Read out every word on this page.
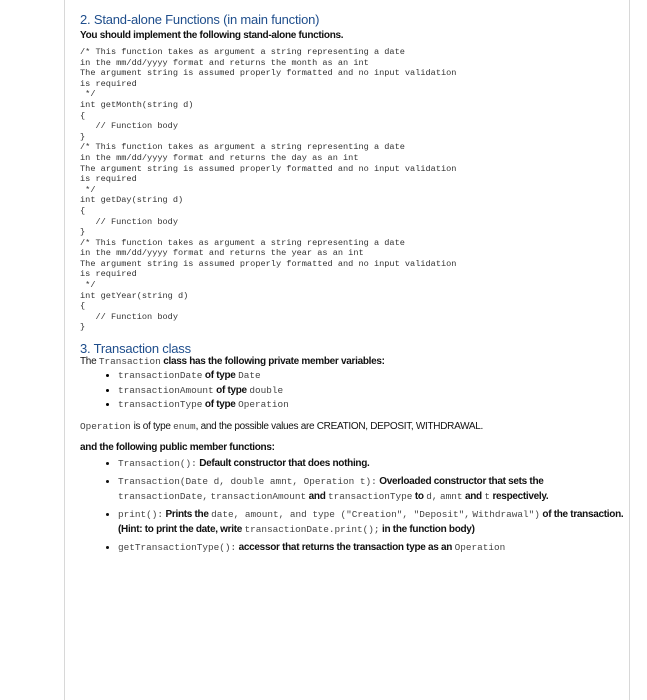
2. Stand-alone Functions (in main function)
You should implement the following stand-alone functions.
/* This function takes as argument a string representing a date
in the mm/dd/yyyy format and returns the month as an int
The argument string is assumed properly formatted and no input validation
is required
*/
int getMonth(string d)
{
// Function body
}
/* This function takes as argument a string representing a date
in the mm/dd/yyyy format and returns the day as an int
The argument string is assumed properly formatted and no input validation
is required
*/
int getDay(string d)
{
// Function body
}
/* This function takes as argument a string representing a date
in the mm/dd/yyyy format and returns the year as an int
The argument string is assumed properly formatted and no input validation
is required
*/
int getYear(string d)
{
// Function body
}
3. Transaction class
The Transaction class has the following private member variables:
• transactionDate of type Date
• transactionAmount of type double
• transactionType of type Operation
Operation is of type enum, and the possible values are CREATION, DEPOSIT, WITHDRAWAL.
and the following public member functions:
• Transaction(): Default constructor that does nothing.
• Transaction(Date d, double amnt, Operation t): Overloaded constructor that sets the transactionDate, transactionAmount and transactionType to d, amnt and t respectively.
• print(): Prints the date, amount, and type ("Creation", "Deposit", Withdrawal") of the transaction. (Hint: to print the date, write transactionDate.print(); in the function body)
• getTransactionType(): accessor that returns the transaction type as an Operation
